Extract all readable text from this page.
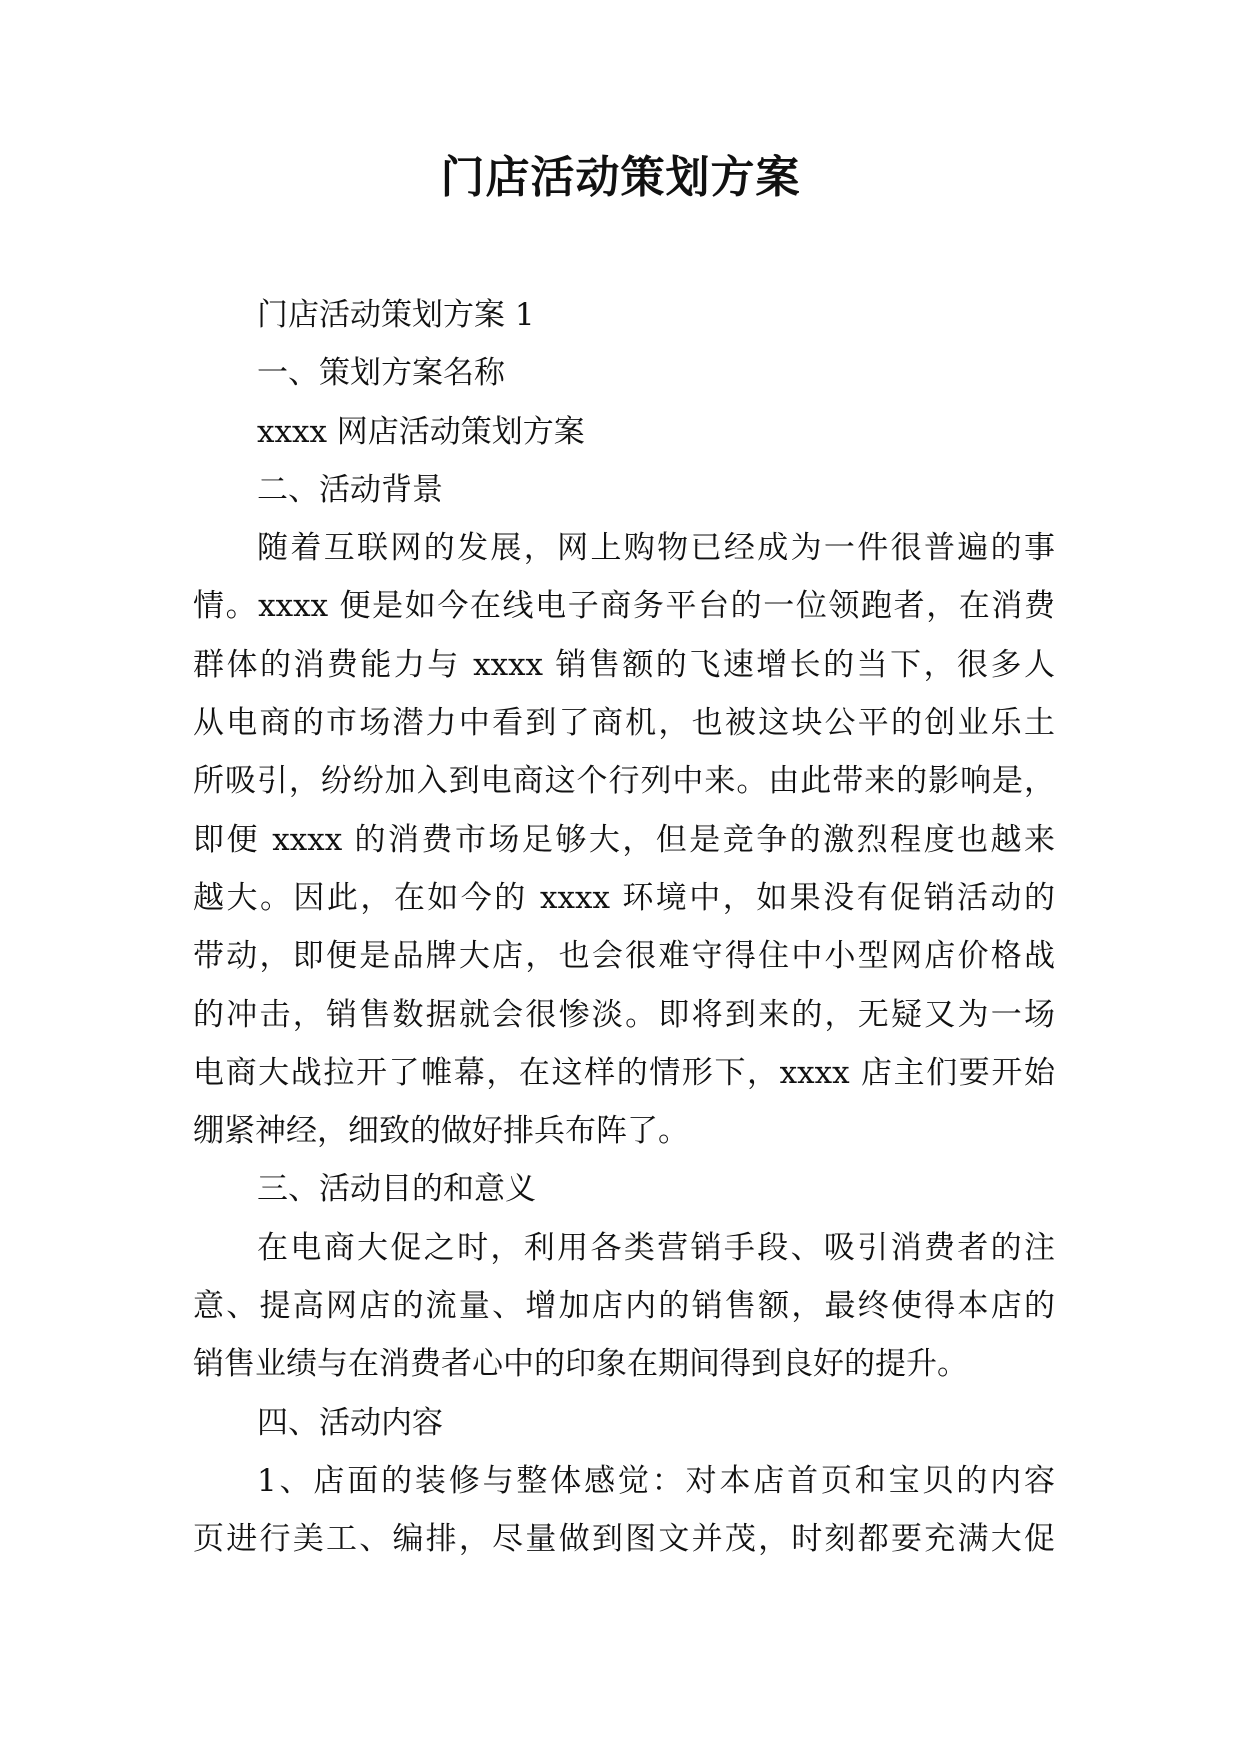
门店活动策划方案
门店活动策划方案 1
一、策划方案名称
xxxx 网店活动策划方案
二、活动背景
随着互联网的发展，网上购物已经成为一件很普遍的事
情。xxxx 便是如今在线电子商务平台的一位领跑者，在消费
群体的消费能力与 xxxx 销售额的飞速增长的当下，很多人
从电商的市场潜力中看到了商机，也被这块公平的创业乐土
所吸引，纷纷加入到电商这个行列中来。由此带来的影响是，
即便 xxxx 的消费市场足够大，但是竞争的激烈程度也越来
越大。因此，在如今的 xxxx 环境中，如果没有促销活动的
带动，即便是品牌大店，也会很难守得住中小型网店价格战
的冲击，销售数据就会很惨淡。即将到来的，无疑又为一场
电商大战拉开了帷幕，在这样的情形下，xxxx 店主们要开始
绷紧神经，细致的做好排兵布阵了。
三、活动目的和意义
在电商大促之时，利用各类营销手段、吸引消费者的注
意、提高网店的流量、增加店内的销售额，最终使得本店的
销售业绩与在消费者心中的印象在期间得到良好的提升。
四、活动内容
1、店面的装修与整体感觉：对本店首页和宝贝的内容
页进行美工、编排，尽量做到图文并茂，时刻都要充满大促
